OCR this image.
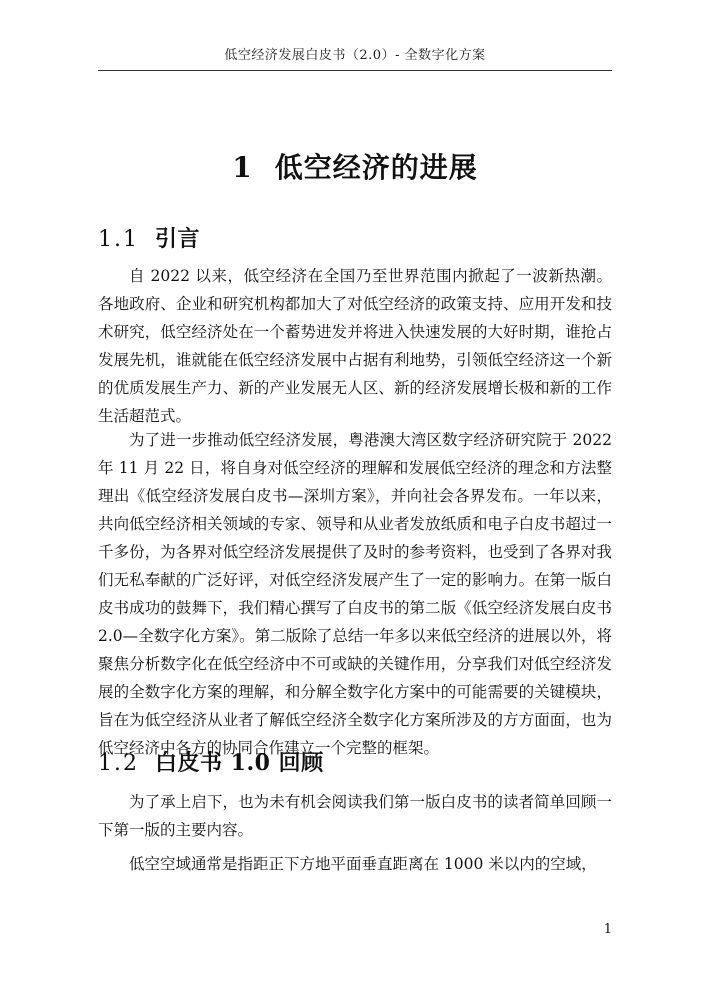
低空经济发展白皮书（2.0）- 全数字化方案
1 低空经济的进展
1.1 引言

自 2022 以来，低空经济在全国乃至世界范围内掀起了一波新热潮。各地政府、企业和研究机构都加大了对低空经济的政策支持、应用开发和技术研究，低空经济处在一个蓄势进发并将进入快速发展的大好时期，谁抢占发展先机，谁就能在低空经济发展中占据有利地势，引领低空经济这一个新的优质发展生产力、新的产业发展无人区、新的经济发展增长极和新的工作生活超范式。

为了进一步推动低空经济发展，粤港澳大湾区数字经济研究院于 2022 年 11 月 22 日，将自身对低空经济的理解和发展低空经济的理念和方法整理出《低空经济发展白皮书—深圳方案》，并向社会各界发布。一年以来，共向低空经济相关领域的专家、领导和从业者发放纸质和电子白皮书超过一千多份，为各界对低空经济发展提供了及时的参考资料，也受到了各界对我们无私奉献的广泛好评，对低空经济发展产生了一定的影响力。在第一版白皮书成功的鼓舞下，我们精心撰写了白皮书的第二版《低空经济发展白皮书 2.0—全数字化方案》。第二版除了总结一年多以来低空经济的进展以外，将聚焦分析数字化在低空经济中不可或缺的关键作用，分享我们对低空经济发展的全数字化方案的理解，和分解全数字化方案中的可能需要的关键模块，旨在为低空经济从业者了解低空经济全数字化方案所涉及的方方面面，也为低空经济中各方的协同合作建立一个完整的框架。

1.2 白皮书 1.0 回顾

为了承上启下，也为未有机会阅读我们第一版白皮书的读者简单回顾一下第一版的主要内容。

低空空域通常是指距正下方地平面垂直距离在 1000 米以内的空域，

1
